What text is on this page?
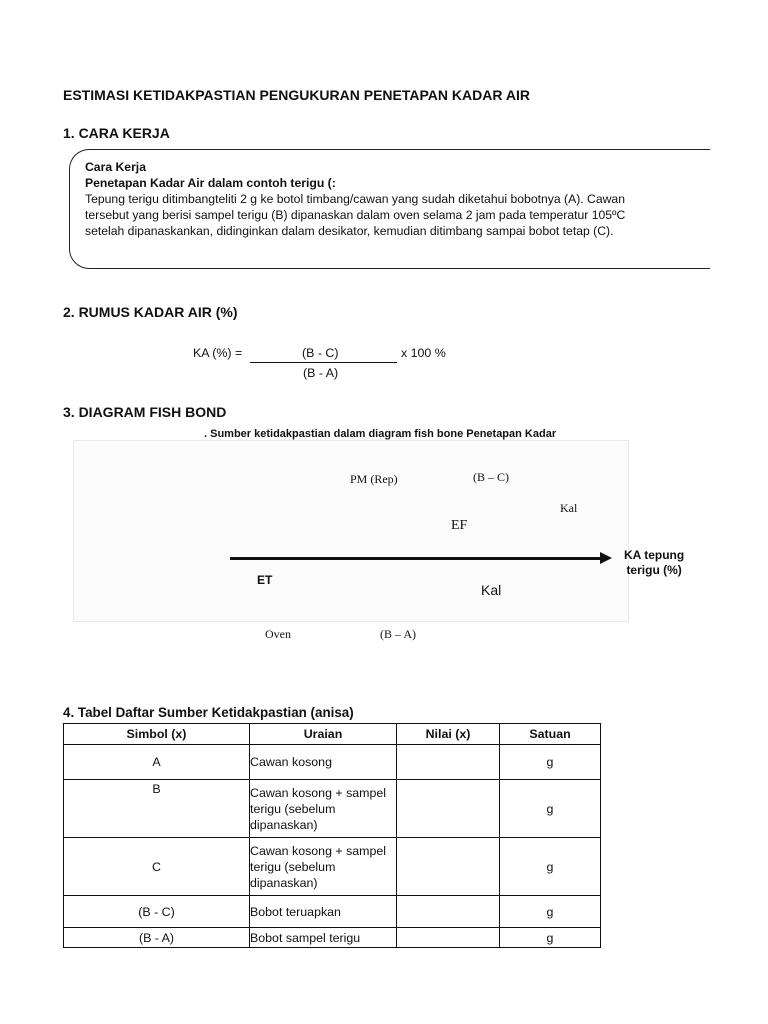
ESTIMASI KETIDAKPASTIAN PENGUKURAN PENETAPAN KADAR AIR
1. CARA KERJA
Cara Kerja
Penetapan Kadar Air dalam contoh terigu (:
Tepung terigu ditimbangteliti 2 g ke botol timbang/cawan yang sudah diketahui bobotnya (A). Cawan
tersebut yang berisi sampel terigu (B) dipanaskan dalam oven selama 2 jam pada temperatur 105ºC
setelah dipanaskankan, didinginkan dalam desikator, kemudian ditimbang sampai bobot tetap (C).
2. RUMUS KADAR AIR (%)
KA (%) =	(B - C)
(B - A)
x 100 %
3. DIAGRAM FISH BOND
. Sumber ketidakpastian dalam diagram fish bone Penetapan Kadar
PM (Rep)	(B – C)
Kal
EF
ET
Kal
KA tepung
terigu (%)
Oven	(B – A)
4. Tabel Daftar Sumber Ketidakpastian (anisa)
Simbol (x)	Uraian	Nilai (x)	Satuan
A	Cawan kosong		g
B	Cawan kosong + sampel terigu (sebelum dipanaskan)		g
C	Cawan kosong + sampel terigu (sebelum dipanaskan)		g
(B - C)	Bobot teruapkan		g
(B - A)	Bobot sampel terigu		g
